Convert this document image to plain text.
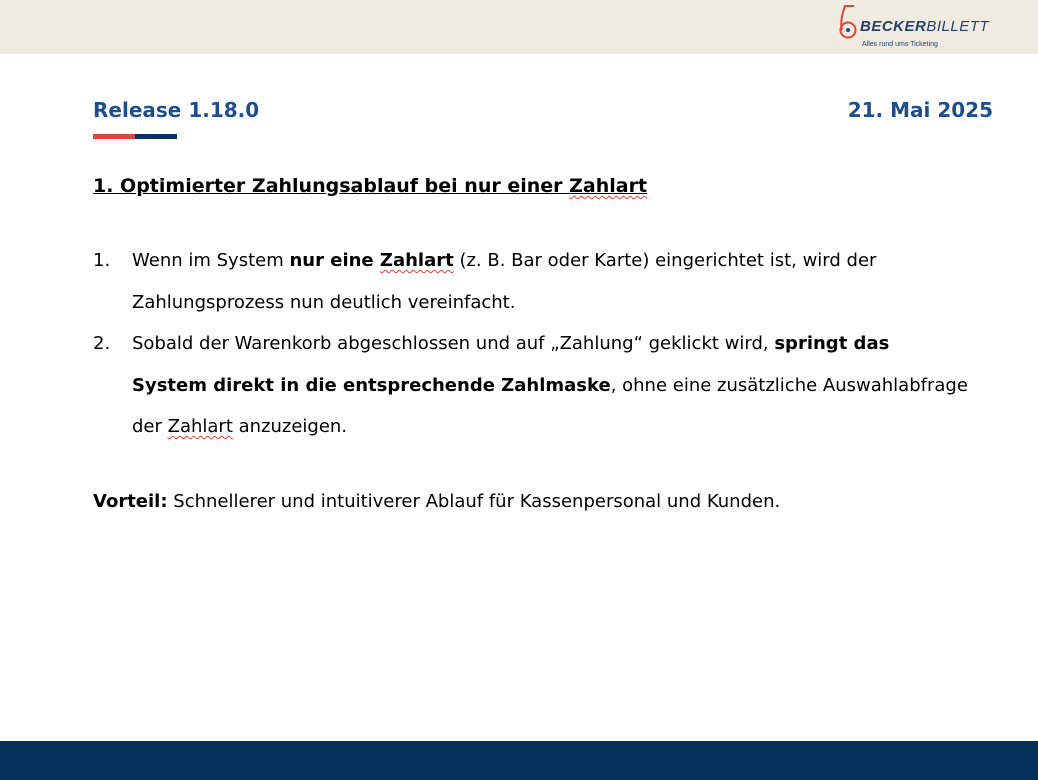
BECKERBILLETT
Alles rund ums Ticketing
Release 1.18.0	21. Mai 2025
1. Optimierter Zahlungsablauf bei nur einer Zahlart
1. Wenn im System nur eine Zahlart (z. B. Bar oder Karte) eingerichtet ist, wird der
Zahlungsprozess nun deutlich vereinfacht.
2. Sobald der Warenkorb abgeschlossen und auf „Zahlung“ geklickt wird, springt das
System direkt in die entsprechende Zahlmaske, ohne eine zusätzliche Auswahlabfrage
der Zahlart anzuzeigen.
Vorteil: Schnellerer und intuitiverer Ablauf für Kassenpersonal und Kunden.
